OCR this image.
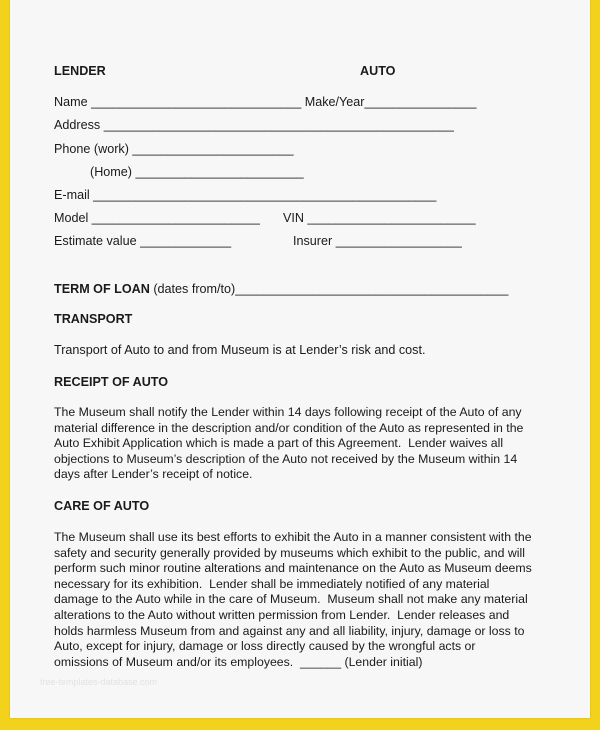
LENDER	AUTO
Name ______________________________ Make/Year________________
Address __________________________________________________
Phone (work) _______________________
(Home) ________________________
E-mail _________________________________________________
Model ________________________ VIN ________________________
Estimate value _____________	Insurer __________________
TERM OF LOAN (dates from/to)_______________________________________
TRANSPORT
Transport of Auto to and from Museum is at Lender’s risk and cost.
RECEIPT OF AUTO
The Museum shall notify the Lender within 14 days following receipt of the Auto of any
material difference in the description and/or condition of the Auto as represented in the
Auto Exhibit Application which is made a part of this Agreement.  Lender waives all
objections to Museum’s description of the Auto not received by the Museum within 14
days after Lender’s receipt of notice.
CARE OF AUTO
The Museum shall use its best efforts to exhibit the Auto in a manner consistent with the
safety and security generally provided by museums which exhibit to the public, and will
perform such minor routine alterations and maintenance on the Auto as Museum deems
necessary for its exhibition.  Lender shall be immediately notified of any material
damage to the Auto while in the care of Museum.  Museum shall not make any material
alterations to the Auto without written permission from Lender.  Lender releases and
holds harmless Museum from and against any and all liability, injury, damage or loss to
Auto, except for injury, damage or loss directly caused by the wrongful acts or
omissions of Museum and/or its employees.  ______ (Lender initial)
free-templates-database.com
